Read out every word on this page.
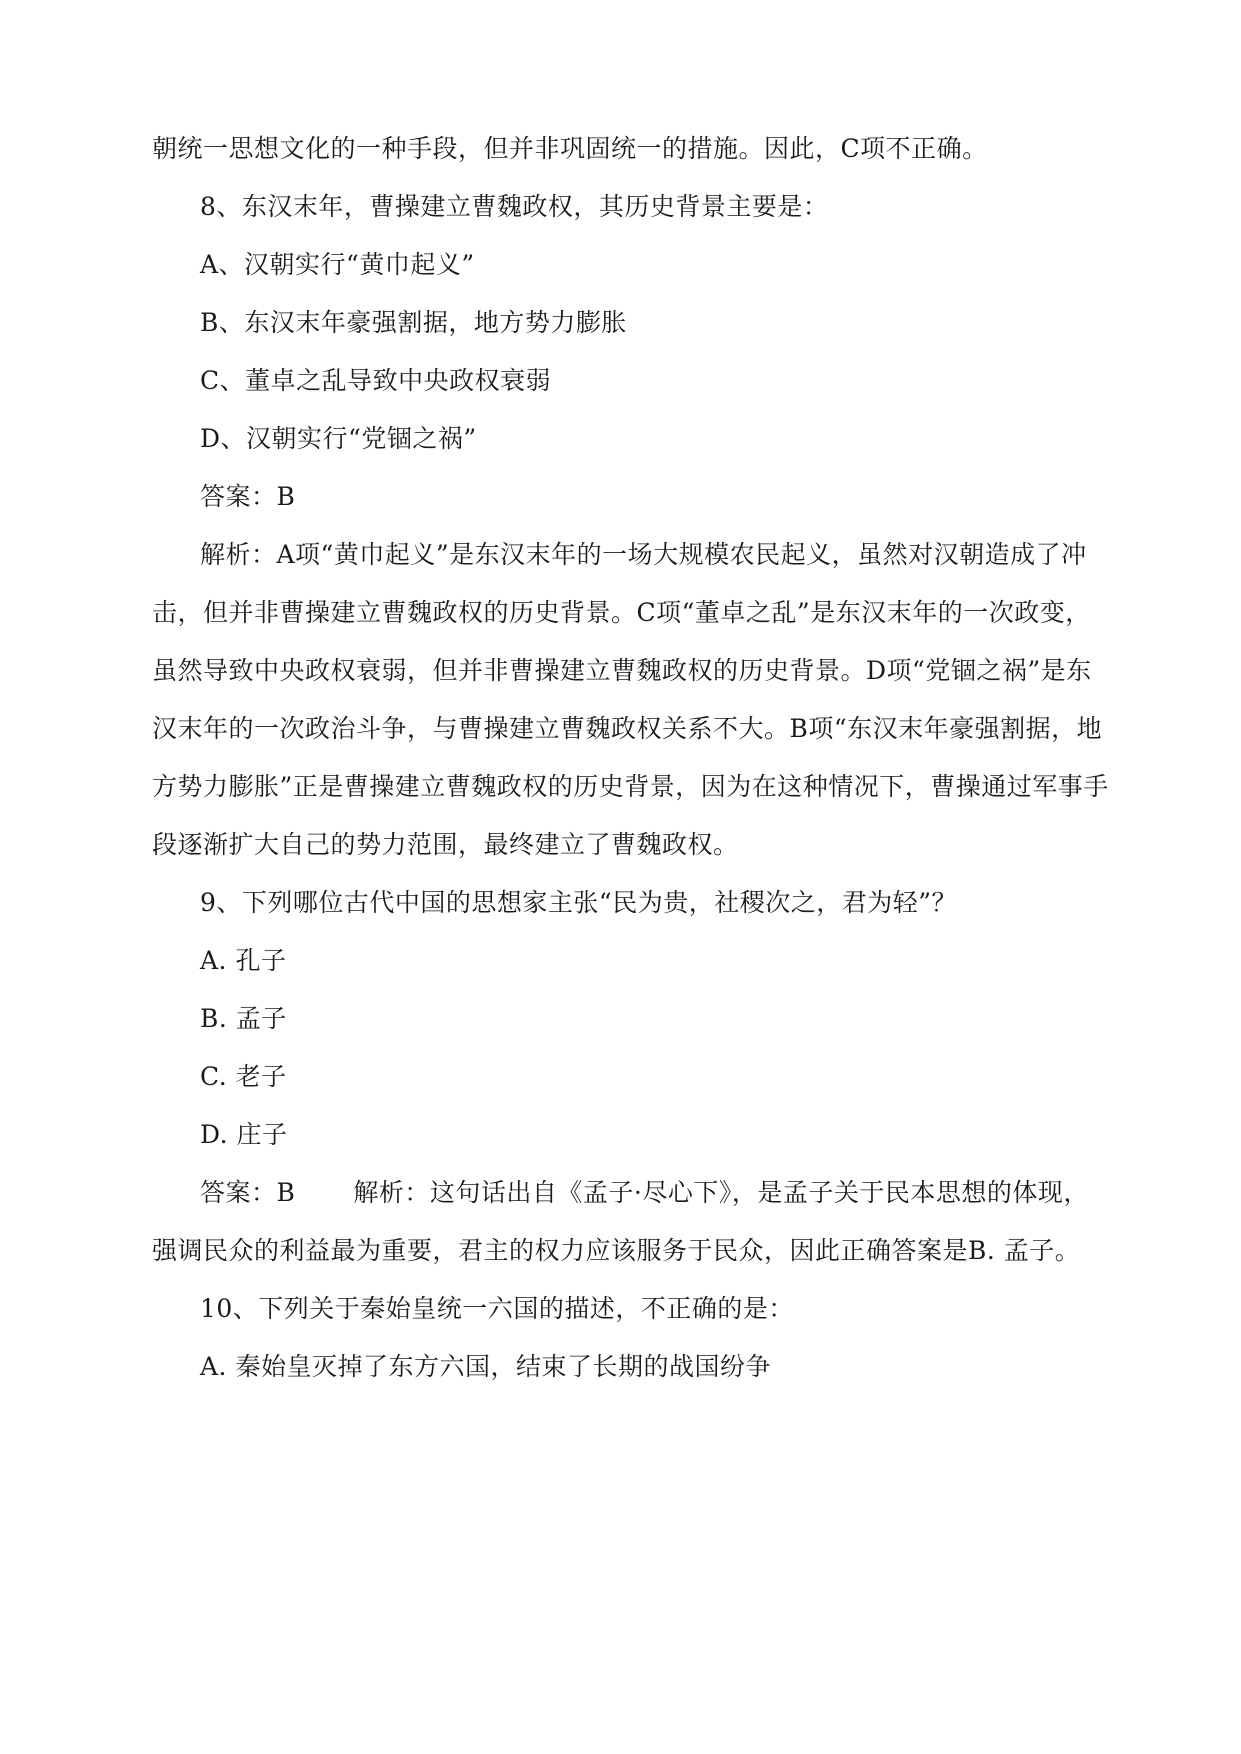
朝统一思想文化的一种手段，但并非巩固统一的措施。因此，C项不正确。
8、东汉末年，曹操建立曹魏政权，其历史背景主要是：
A、汉朝实行“黄巾起义”
B、东汉末年豪强割据，地方势力膨胀
C、董卓之乱导致中央政权衰弱
D、汉朝实行“党锢之祸”
答案：B
解析：A项“黄巾起义”是东汉末年的一场大规模农民起义，虽然对汉朝造成了冲
击，但并非曹操建立曹魏政权的历史背景。C项“董卓之乱”是东汉末年的一次政变，
虽然导致中央政权衰弱，但并非曹操建立曹魏政权的历史背景。D项“党锢之祸”是东
汉末年的一次政治斗争，与曹操建立曹魏政权关系不大。B项“东汉末年豪强割据，地
方势力膨胀”正是曹操建立曹魏政权的历史背景，因为在这种情况下，曹操通过军事手
段逐渐扩大自己的势力范围，最终建立了曹魏政权。
9、下列哪位古代中国的思想家主张“民为贵，社稷次之，君为轻”？
A. 孔子
B. 孟子
C. 老子
D. 庄子
答案：B 解析：这句话出自《孟子·尽心下》，是孟子关于民本思想的体现，
强调民众的利益最为重要，君主的权力应该服务于民众，因此正确答案是B. 孟子。
10、下列关于秦始皇统一六国的描述，不正确的是：
A. 秦始皇灭掉了东方六国，结束了长期的战国纷争
